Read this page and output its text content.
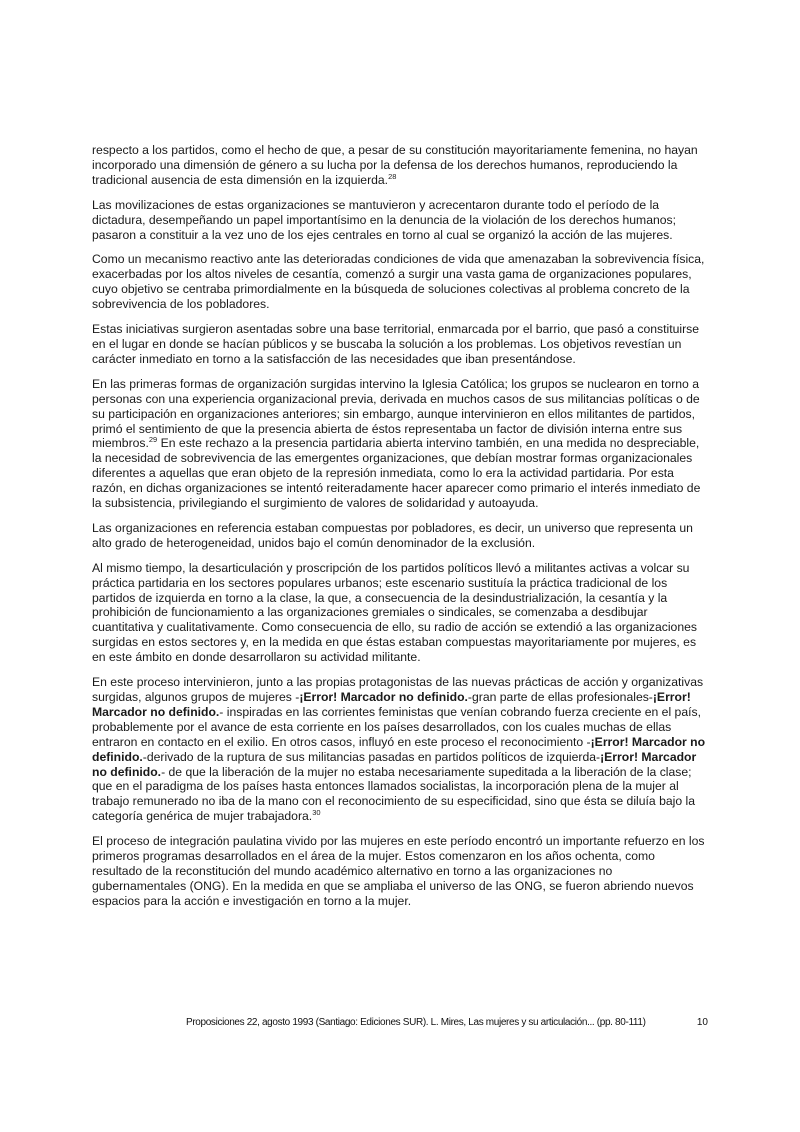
respecto a los partidos, como el hecho de que, a pesar de su constitución mayoritariamente femenina, no hayan incorporado una dimensión de género a su lucha por la defensa de los derechos humanos, reproduciendo la tradicional ausencia de esta dimensión en la izquierda.$^{28}$

Las movilizaciones de estas organizaciones se mantuvieron y acrecentaron durante todo el período de la dictadura, desempeñando un papel importantísimo en la denuncia de la violación de los derechos humanos; pasaron a constituir a la vez uno de los ejes centrales en torno al cual se organizó la acción de las mujeres.

Como un mecanismo reactivo ante las deterioradas condiciones de vida que amenazaban la sobrevivencia física, exacerbadas por los altos niveles de cesantía, comenzó a surgir una vasta gama de organizaciones populares, cuyo objetivo se centraba primordialmente en la búsqueda de soluciones colectivas al problema concreto de la sobrevivencia de los pobladores.

Estas iniciativas surgieron asentadas sobre una base territorial, enmarcada por el barrio, que pasó a constituirse en el lugar en donde se hacían públicos y se buscaba la solución a los problemas. Los objetivos revestían un carácter inmediato en torno a la satisfacción de las necesidades que iban presentándose.

En las primeras formas de organización surgidas intervino la Iglesia Católica; los grupos se nuclearon en torno a personas con una experiencia organizacional previa, derivada en muchos casos de sus militancias políticas o de su participación en organizaciones anteriores; sin embargo, aunque intervinieron en ellos militantes de partidos, primó el sentimiento de que la presencia abierta de éstos representaba un factor de división interna entre sus miembros.$^{29}$ En este rechazo a la presencia partidaria abierta intervino también, en una medida no despreciable, la necesidad de sobrevivencia de las emergentes organizaciones, que debían mostrar formas organizacionales diferentes a aquellas que eran objeto de la represión inmediata, como lo era la actividad partidaria. Por esta razón, en dichas organizaciones se intentó reiteradamente hacer aparecer como primario el interés inmediato de la subsistencia, privilegiando el surgimiento de valores de solidaridad y autoayuda.

Las organizaciones en referencia estaban compuestas por pobladores, es decir, un universo que representa un alto grado de heterogeneidad, unidos bajo el común denominador de la exclusión.

Al mismo tiempo, la desarticulación y proscripción de los partidos políticos llevó a militantes activas a volcar su práctica partidaria en los sectores populares urbanos; este escenario sustituía la práctica tradicional de los partidos de izquierda en torno a la clase, la que, a consecuencia de la desindustrialización, la cesantía y la prohibición de funcionamiento a las organizaciones gremiales o sindicales, se comenzaba a desdibujar cuantitativa y cualitativamente. Como consecuencia de ello, su radio de acción se extendió a las organizaciones surgidas en estos sectores y, en la medida en que éstas estaban compuestas mayoritariamente por mujeres, es en este ámbito en donde desarrollaron su actividad militante.

En este proceso intervinieron, junto a las propias protagonistas de las nuevas prácticas de acción y organizativas surgidas, algunos grupos de mujeres -¡Error! Marcador no definido.-gran parte de ellas profesionales-¡Error! Marcador no definido.- inspiradas en las corrientes feministas que venían cobrando fuerza creciente en el país, probablemente por el avance de esta corriente en los países desarrollados, con los cuales muchas de ellas entraron en contacto en el exilio. En otros casos, influyó en este proceso el reconocimiento -¡Error! Marcador no definido.-derivado de la ruptura de sus militancias pasadas en partidos políticos de izquierda-¡Error! Marcador no definido.- de que la liberación de la mujer no estaba necesariamente supeditada a la liberación de la clase; que en el paradigma de los países hasta entonces llamados socialistas, la incorporación plena de la mujer al trabajo remunerado no iba de la mano con el reconocimiento de su especificidad, sino que ésta se diluía bajo la categoría genérica de mujer trabajadora.$^{30}$

El proceso de integración paulatina vivido por las mujeres en este período encontró un importante refuerzo en los primeros programas desarrollados en el área de la mujer. Estos comenzaron en los años ochenta, como resultado de la reconstitución del mundo académico alternativo en torno a las organizaciones no gubernamentales (ONG). En la medida en que se ampliaba el universo de las ONG, se fueron abriendo nuevos espacios para la acción e investigación en torno a la mujer.

Proposiciones 22, agosto 1993 (Santiago: Ediciones SUR). L. Mires, Las mujeres y su articulación... (pp. 80-111)	10
